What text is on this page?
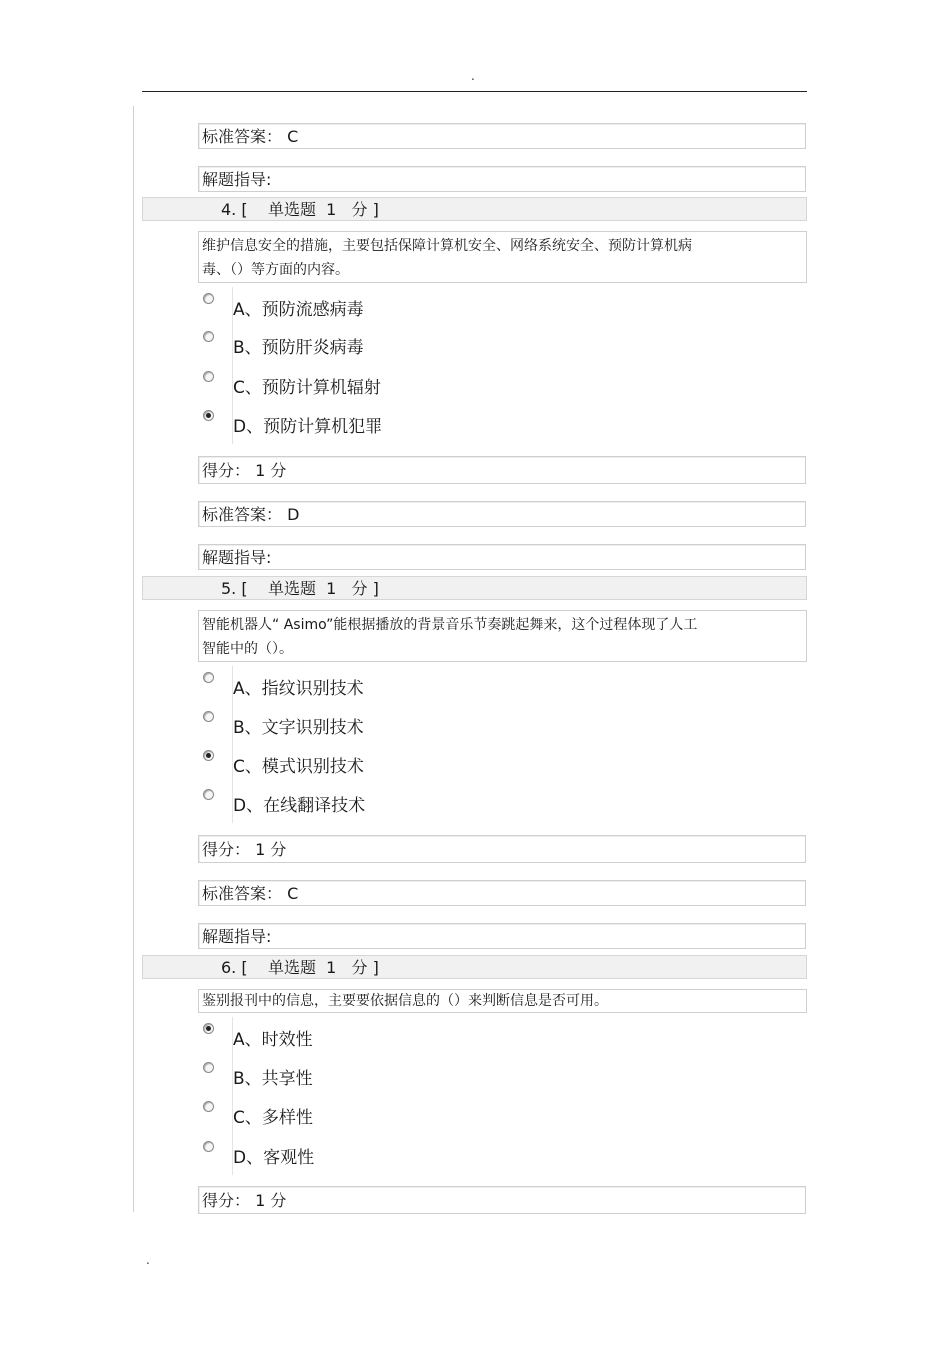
.
标准答案： C
解题指导:
4. [    单选题  1   分 ]
维护信息安全的措施，主要包括保障计算机安全、网络系统安全、预防计算机病
毒、（）等方面的内容。
A、预防流感病毒
B、预防肝炎病毒
C、预防计算机辐射
D、预防计算机犯罪
得分： 1 分
标准答案： D
解题指导:
5. [    单选题  1   分 ]
智能机器人“ Asimo”能根据播放的背景音乐节奏跳起舞来，这个过程体现了人工
智能中的（）。
A、指纹识别技术
B、文字识别技术
C、模式识别技术
D、在线翻译技术
得分： 1 分
标准答案： C
解题指导:
6. [    单选题  1   分 ]
鉴别报刊中的信息，主要要依据信息的（）来判断信息是否可用。
A、时效性
B、共享性
C、多样性
D、客观性
得分： 1 分
.
